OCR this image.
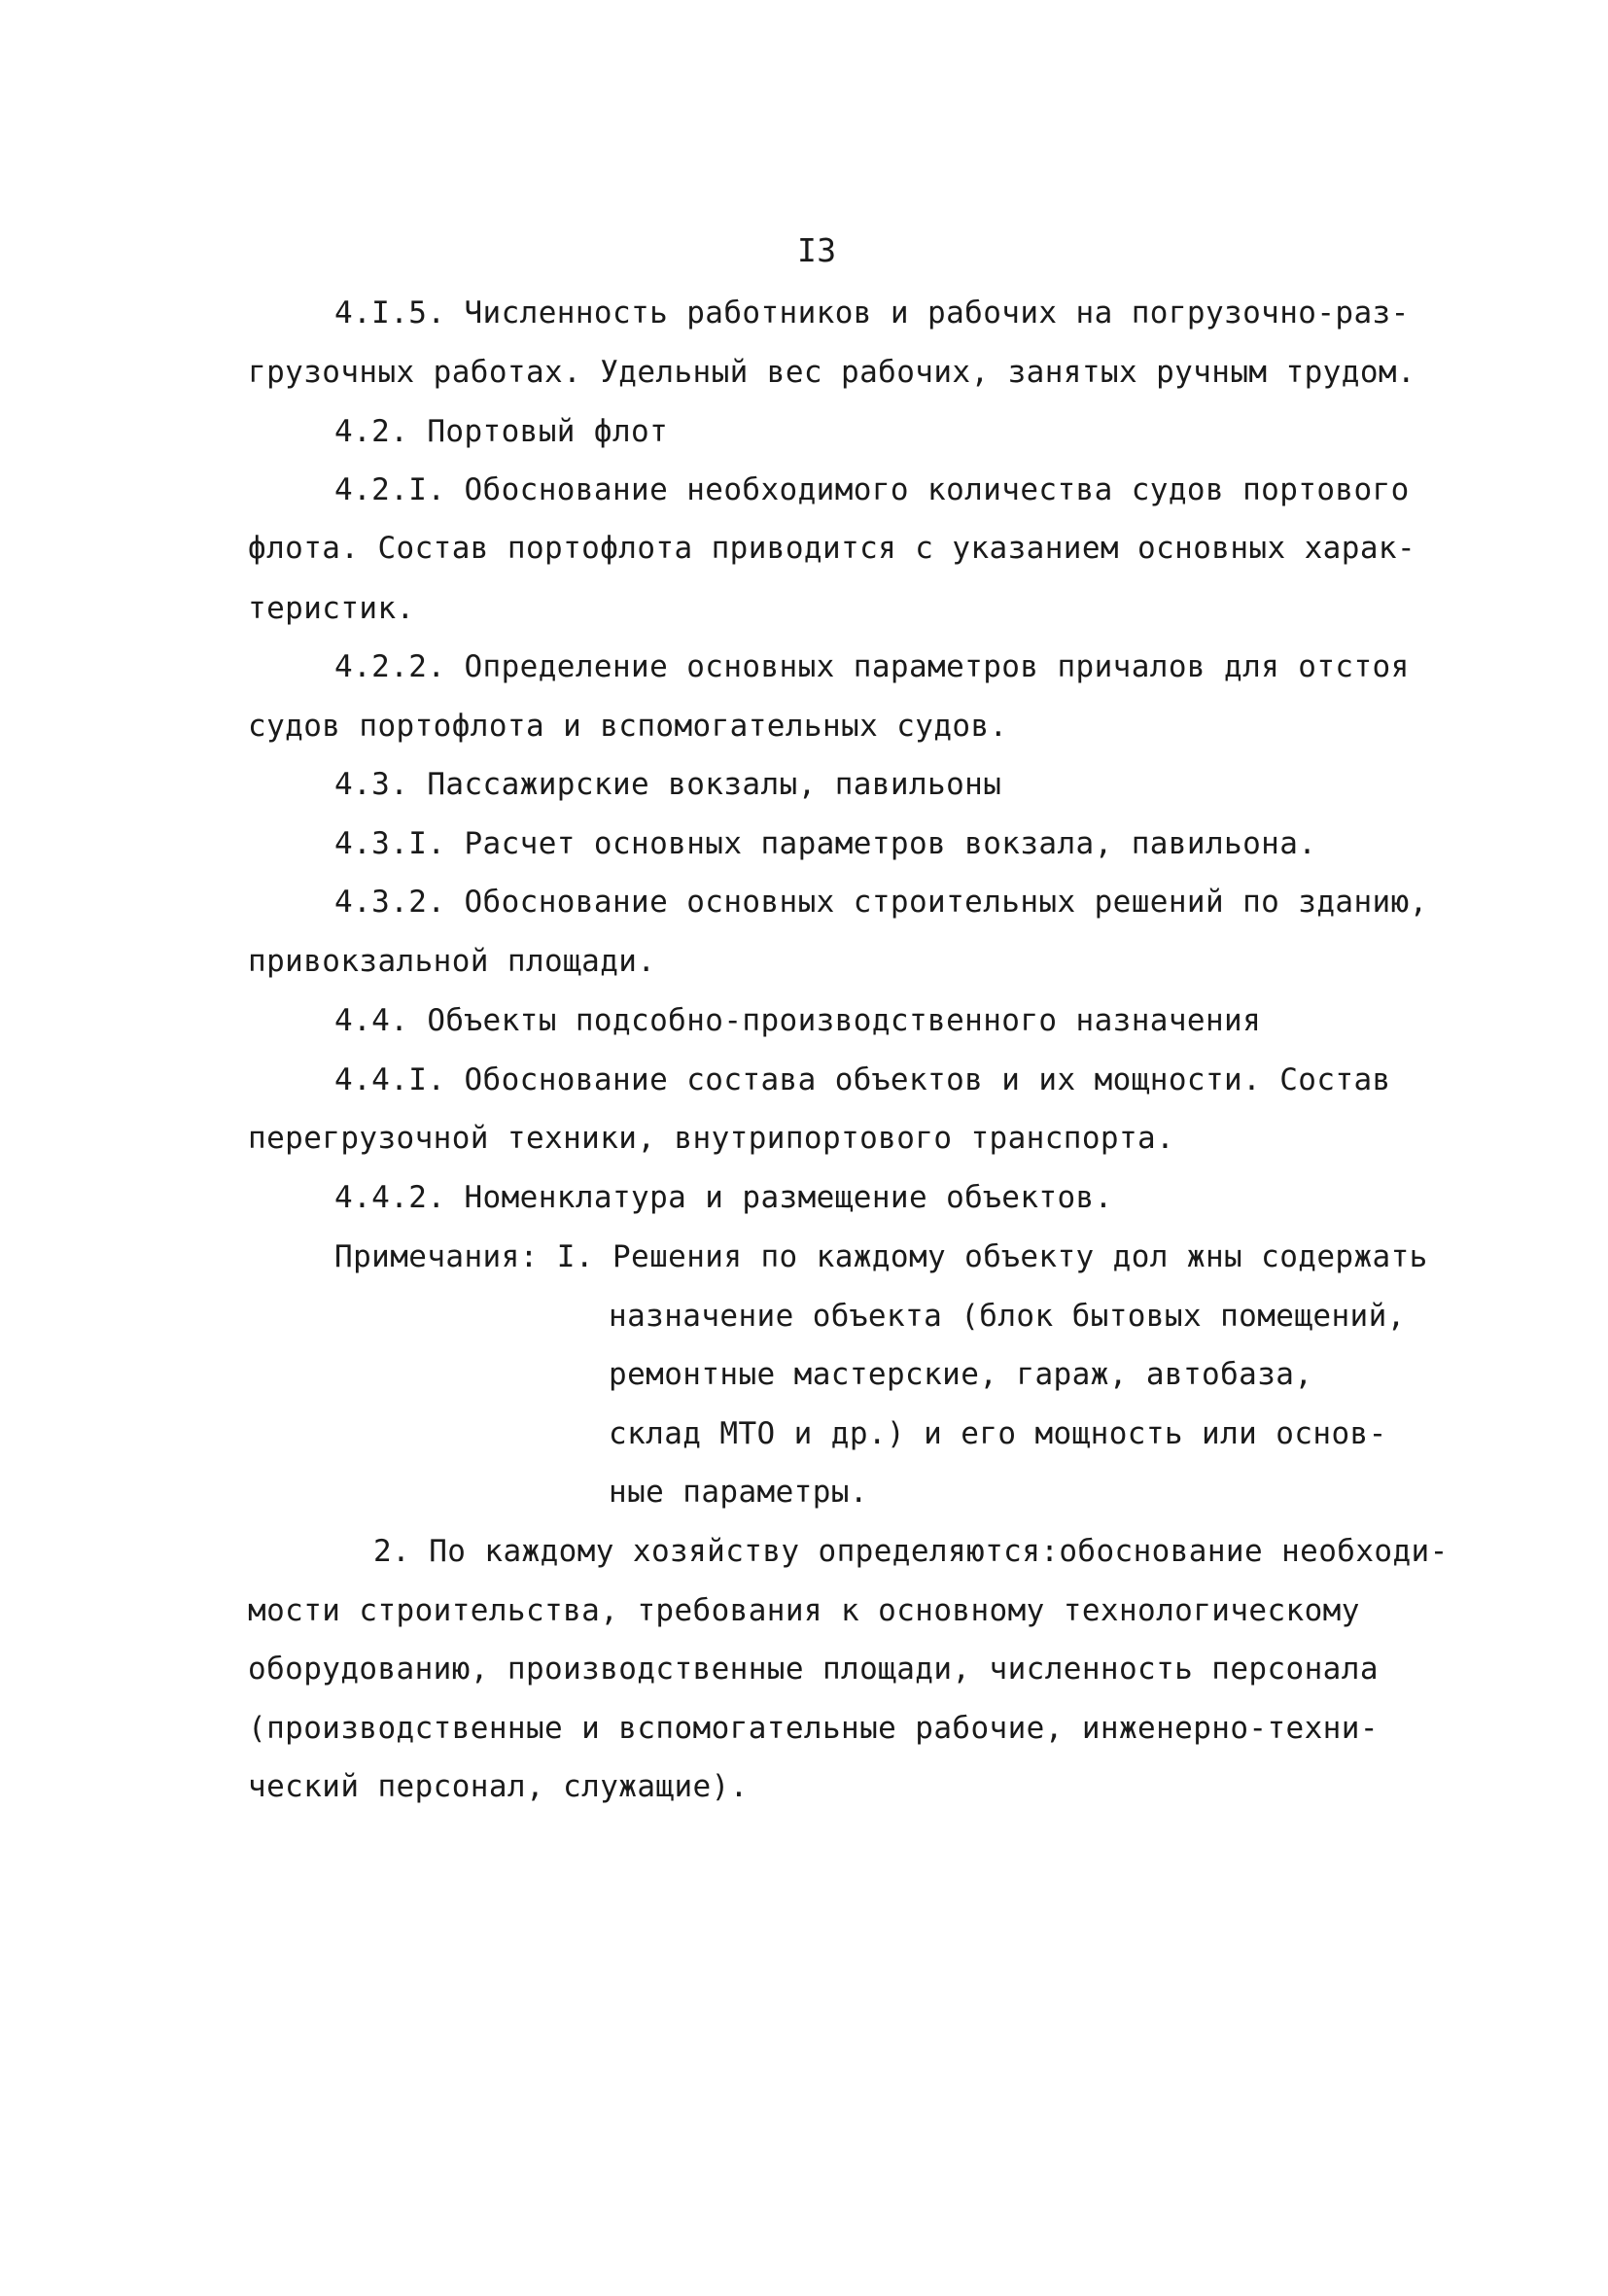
I3
4.I.5. Численность работников и рабочих на погрузочно-раз-
грузочных работах. Удельный вес рабочих, занятых ручным трудом.
4.2. Портовый флот
4.2.I. Обоснование необходимого количества судов портового
флота. Состав портофлота приводится с указанием основных харак-
теристик.
4.2.2. Определение основных параметров причалов для отстоя
судов портофлота и вспомогательных судов.
4.3. Пассажирские вокзалы, павильоны
4.3.I. Расчет основных параметров вокзала, павильона.
4.3.2. Обоснование основных строительных решений по зданию,
привокзальной площади.
4.4. Объекты подсобно-производственного назначения
4.4.I. Обоснование состава объектов и их мощности. Состав
перегрузочной техники, внутрипортового транспорта.
4.4.2. Номенклатура и размещение объектов.
Примечания: I. Решения по каждому объекту дол жны содержать
назначение объекта (блок бытовых помещений,
ремонтные мастерские, гараж, автобаза,
склад МТО и др.) и его мощность или основ-
ные параметры.
2. По каждому хозяйству определяются:обоснование необходи-
мости строительства, требования к основному технологическому
оборудованию, производственные площади, численность персонала
(производственные и вспомогательные рабочие, инженерно-техни-
ческий персонал, служащие).
